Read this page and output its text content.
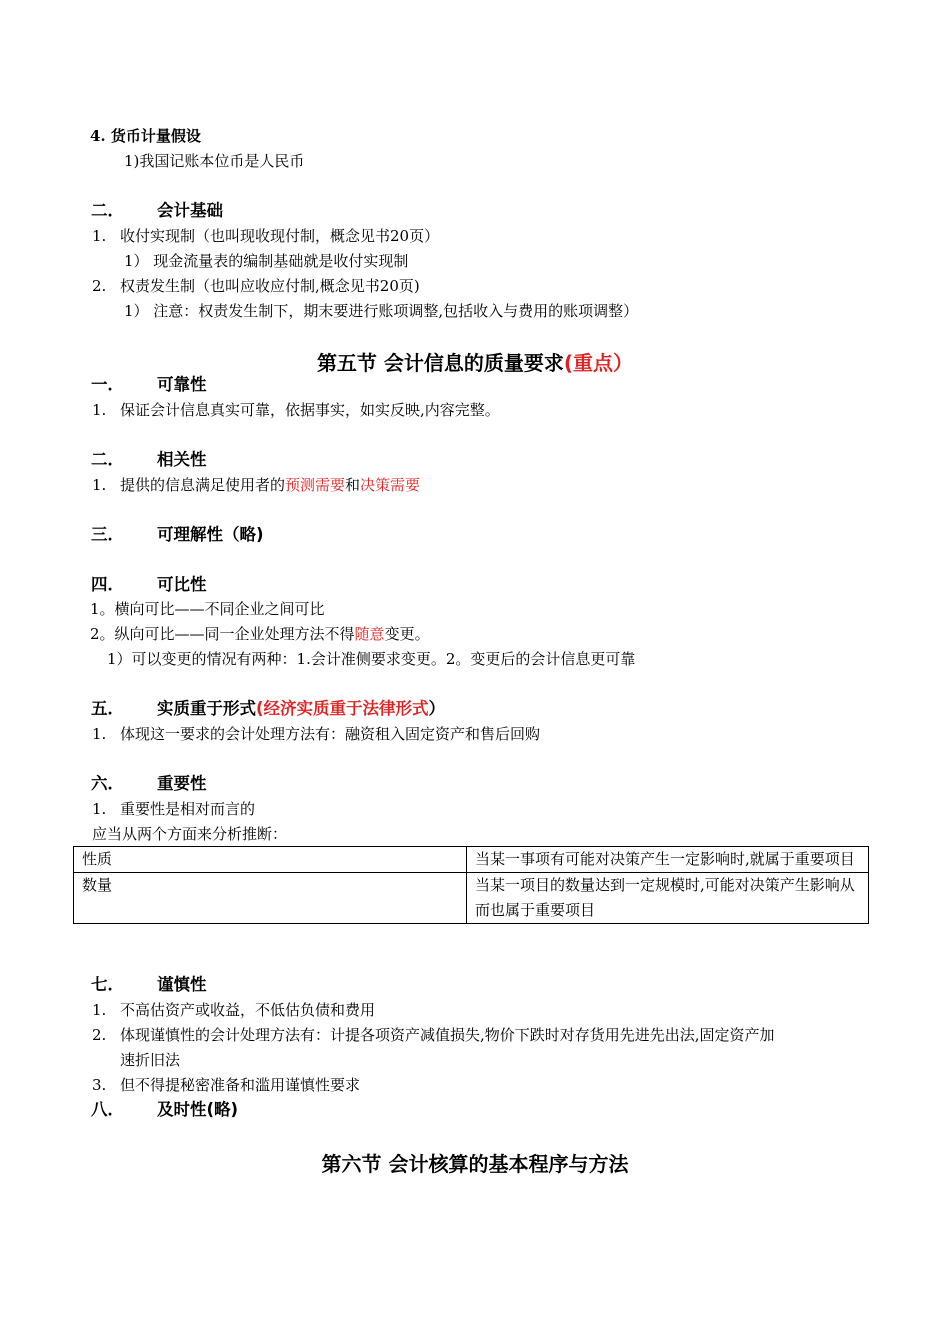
4. 货币计量假设
1)我国记账本位币是人民币
二． 会计基础
1. 收付实现制（也叫现收现付制，概念见书20页）
1） 现金流量表的编制基础就是收付实现制
2. 权责发生制（也叫应收应付制,概念见书20页)
1） 注意：权责发生制下，期末要进行账项调整,包括收入与费用的账项调整）
第五节 会计信息的质量要求(重点）
一． 可靠性
1. 保证会计信息真实可靠，依据事实，如实反映,内容完整。
二． 相关性
1. 提供的信息满足使用者的预测需要和决策需要
三． 可理解性（略)
四． 可比性
1。横向可比——不同企业之间可比
2。纵向可比——同一企业处理方法不得随意变更。
1）可以变更的情况有两种：1.会计准侧要求变更。2。变更后的会计信息更可靠
五． 实质重于形式(经济实质重于法律形式）
1. 体现这一要求的会计处理方法有：融资租入固定资产和售后回购
六． 重要性
1. 重要性是相对而言的
应当从两个方面来分析推断：
性质	当某一事项有可能对决策产生一定影响时,就属于重要项目
数量	当某一项目的数量达到一定规模时,可能对决策产生影响从而也属于重要项目
七． 谨慎性
1. 不高估资产或收益，不低估负债和费用
2. 体现谨慎性的会计处理方法有：计提各项资产减值损失,物价下跌时对存货用先进先出法,固定资产加
速折旧法
3. 但不得提秘密准备和滥用谨慎性要求
八． 及时性(略)
第六节 会计核算的基本程序与方法
